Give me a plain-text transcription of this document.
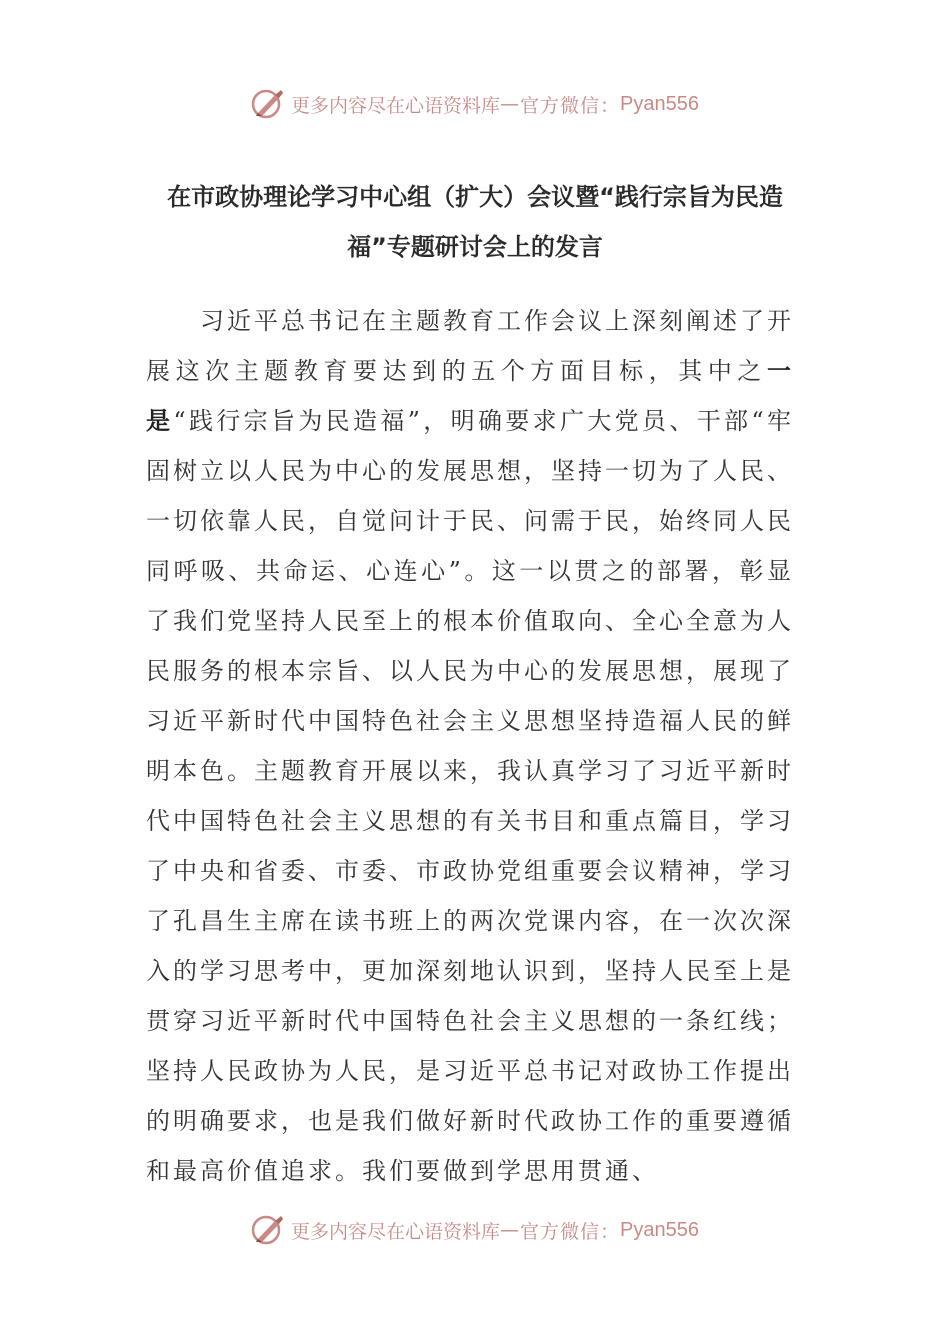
更多内容尽在心语资料库 — 官方微信： Pyan556
在市政协理论学习中心组（扩大）会议暨“践行宗旨为民造福”专题研讨会上的发言

习近平总书记在主题教育工作会议上深刻阐述了开展这次主题教育要达到的五个方面目标，其中之一是“践行宗旨为民造福”，明确要求广大党员、干部“牢固树立以人民为中心的发展思想，坚持一切为了人民、一切依靠人民，自觉问计于民、问需于民，始终同人民同呼吸、共命运、心连心”。这一以贯之的部署，彰显了我们党坚持人民至上的根本价值取向、全心全意为人民服务的根本宗旨、以人民为中心的发展思想，展现了习近平新时代中国特色社会主义思想坚持造福人民的鲜明本色。主题教育开展以来，我认真学习了习近平新时代中国特色社会主义思想的有关书目和重点篇目，学习了中央和省委、市委、市政协党组重要会议精神，学习了孔昌生主席在读书班上的两次党课内容，在一次次深入的学习思考中，更加深刻地认识到，坚持人民至上是贯穿习近平新时代中国特色社会主义思想的一条红线；坚持人民政协为人民，是习近平总书记对政协工作提出的明确要求，也是我们做好新时代政协工作的重要遵循和最高价值追求。我们要做到学思用贯通、

更多内容尽在心语资料库 — 官方微信： Pyan556
